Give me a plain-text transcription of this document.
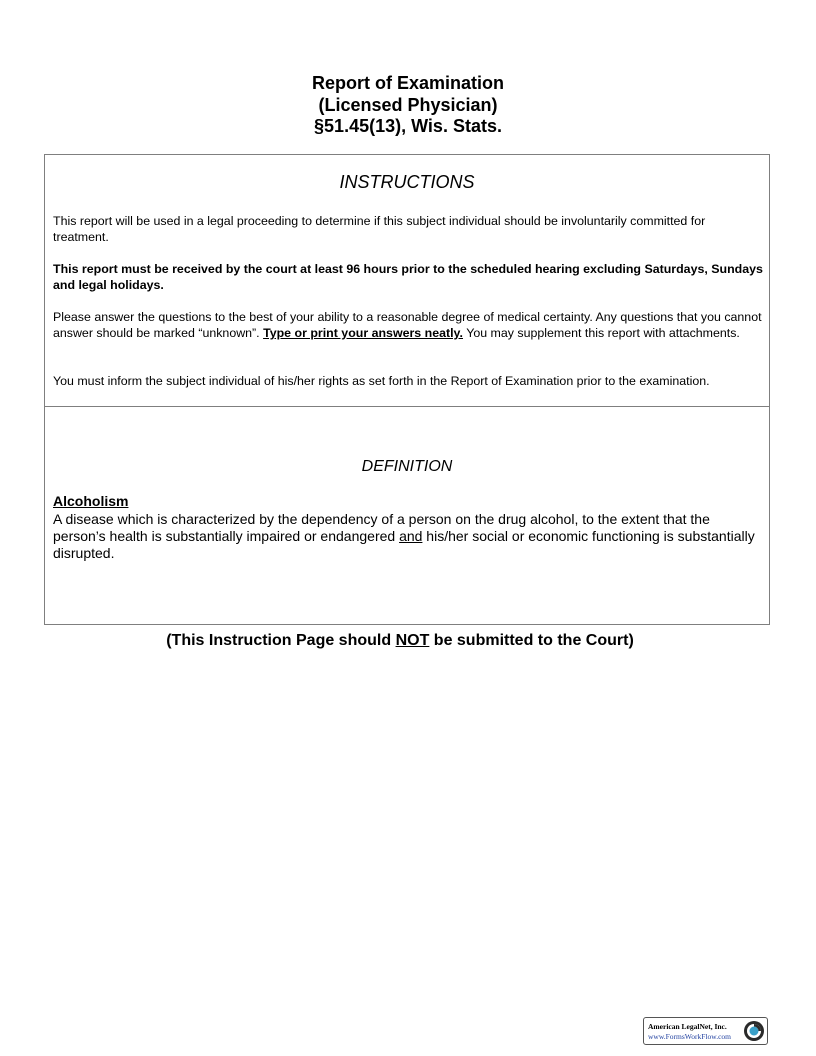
Report of Examination
(Licensed Physician)
§51.45(13), Wis. Stats.
INSTRUCTIONS
This report will be used in a legal proceeding to determine if this subject individual should be involuntarily committed for treatment.
This report must be received by the court at least 96 hours prior to the scheduled hearing excluding Saturdays, Sundays and legal holidays.
Please answer the questions to the best of your ability to a reasonable degree of medical certainty. Any questions that you cannot answer should be marked “unknown”. Type or print your answers neatly. You may supplement this report with attachments.
You must inform the subject individual of his/her rights as set forth in the Report of Examination prior to the examination.
DEFINITION
Alcoholism
A disease which is characterized by the dependency of a person on the drug alcohol, to the extent that the person’s health is substantially impaired or endangered and his/her social or economic functioning is substantially disrupted.
(This Instruction Page should NOT be submitted to the Court)
American LegalNet, Inc.
www.FormsWorkFlow.com
